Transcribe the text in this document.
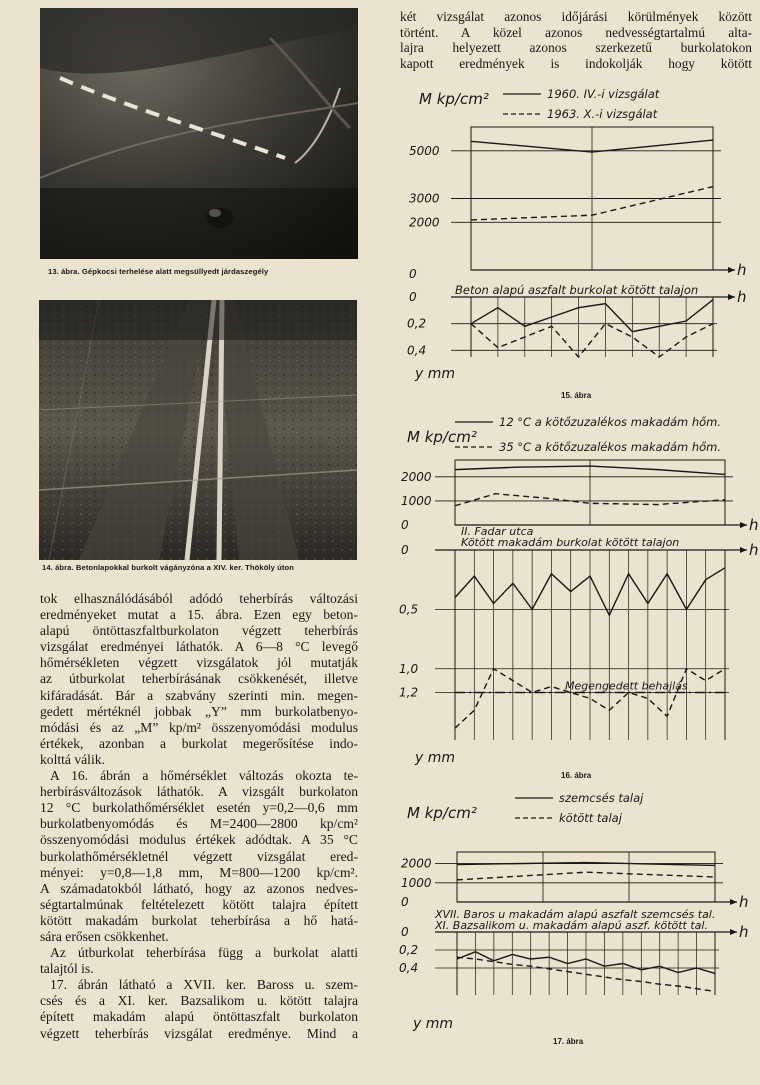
13. ábra. Gépkocsi terhelése alatt megsüllyedt járdaszegély
14. ábra. Betonlapokkal burkolt vágányzóna a XIV. ker. Thököly úton
tok elhasználódásából adódó teherbírás változási
eredményeket mutat a 15. ábra. Ezen egy beton-
alapú öntöttaszfaltburkolaton végzett teherbírás
vizsgálat eredményei láthatók. A 6—8 °C levegő
hőmérsékleten végzett vizsgálatok jól mutatják
az útburkolat teherbírásának csökkenését, illetve
kifáradását. Bár a szabvány szerinti min. megen-
gedett mértéknél jobbak „Y” mm burkolatbenyo-
módási és az „M” kp/m² összenyomódási modulus
értékek, azonban a burkolat megerősítése indo-
kolttá válik.
A 16. ábrán a hőmérséklet változás okozta te-
herbírásváltozások láthatók. A vizsgált burkolaton
12 °C burkolathőmérséklet esetén y=0,2—0,6 mm
burkolatbenyomódás és M=2400—2800 kp/cm²
összenyomódási modulus értékek adódtak. A 35 °C
burkolathőmérsékletnél végzett vizsgálat ered-
ményei: y=0,8—1,8 mm, M=800—1200 kp/cm².
A számadatokból látható, hogy az azonos nedves-
ségtartalmúnak feltételezett kötött talajra épített
kötött makadám burkolat teherbírása a hő hatá-
sára erősen csökkenhet.
Az útburkolat teherbírása függ a burkolat alatti
talajtól is.
17. ábrán látható a XVII. ker. Baross u. szem-
csés és a XI. ker. Bazsalikom u. kötött talajra
épített makadám alapú öntöttaszfalt burkolaton
végzett teherbírás vizsgálat eredménye. Mind a
két vizsgálat azonos időjárási körülmények között
történt. A közel azonos nedvességtartalmú alta-
lajra helyezett azonos szerkezetű burkolatokon
kapott eredmények is indokolják hogy kötött
M kp/cm²	1960. IV.-i vizsgálat
1963. X.-i vizsgálat
5000
3000
2000
0	h
h
0
0,2
0,4
Beton alapú aszfalt burkolat kötött talajon
y mm
15. ábra
M kp/cm²
12 °C a kötőzuzalékos makadám hőm.
35 °C a kötőzuzalékos makadám hőm.
2000
1000
0	h
h
0
0,5
1,0
1,2	Megengedett behajlás
II. Fadar utca
Kötött makadám burkolat kötött talajon
y mm
16. ábra
M kp/cm²
szemcsés talaj
kötött talaj
2000
1000
0	h
h
0
0,2
0,4
XVII. Baros u makadám alapú aszfalt szemcsés tal.
XI. Bazsalikom u. makadám alapú aszf. kötött tal.
y mm
17. ábra
